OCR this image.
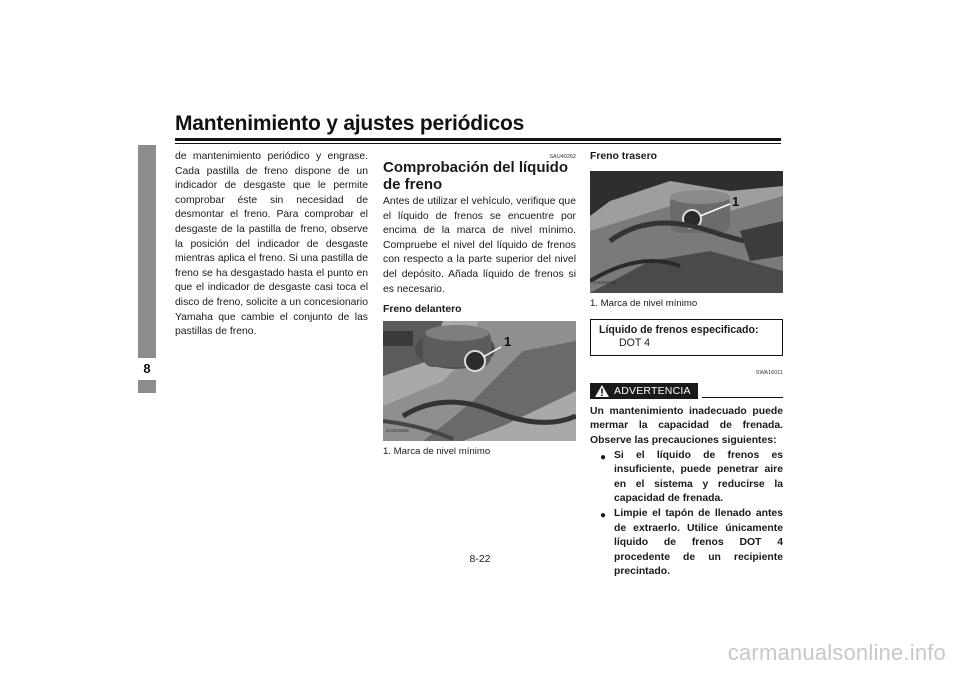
Mantenimiento y ajustes periódicos
8
de mantenimiento periódico y engrase. Cada pastilla de freno dispone de un indicador de desgaste que le permite comprobar éste sin necesidad de desmontar el freno. Para comprobar el desgaste de la pastilla de freno, observe la posición del indicador de desgaste mientras aplica el freno. Si una pastilla de freno se ha desgastado hasta el punto en que el indicador de desgaste casi toca el disco de freno, solicite a un concesionario Yamaha que cambie el conjunto de las pastillas de freno.
SAU40262
Comprobación del líquido de freno
Antes de utilizar el vehículo, verifique que el líquido de frenos se encuentre por encima de la marca de nivel mínimo. Compruebe el nivel del líquido de frenos con respecto a la parte superior del nivel del depósito. Añada líquido de frenos si es necesario.
Freno delantero
1
ZAUM1968
1. Marca de nivel mínimo
Freno trasero
1
ZAUM1980
1. Marca de nivel mínimo
Líquido de frenos especificado:
DOT 4
SWA16011
ADVERTENCIA
Un mantenimiento inadecuado puede mermar la capacidad de frenada. Observe las precauciones siguientes:
● Si el líquido de frenos es insuficiente, puede penetrar aire en el sistema y reducirse la capacidad de frenada.
● Limpie el tapón de llenado antes de extraerlo. Utilice únicamente líquido de frenos DOT 4 procedente de un recipiente precintado.
8-22
carmanualsonline.info
